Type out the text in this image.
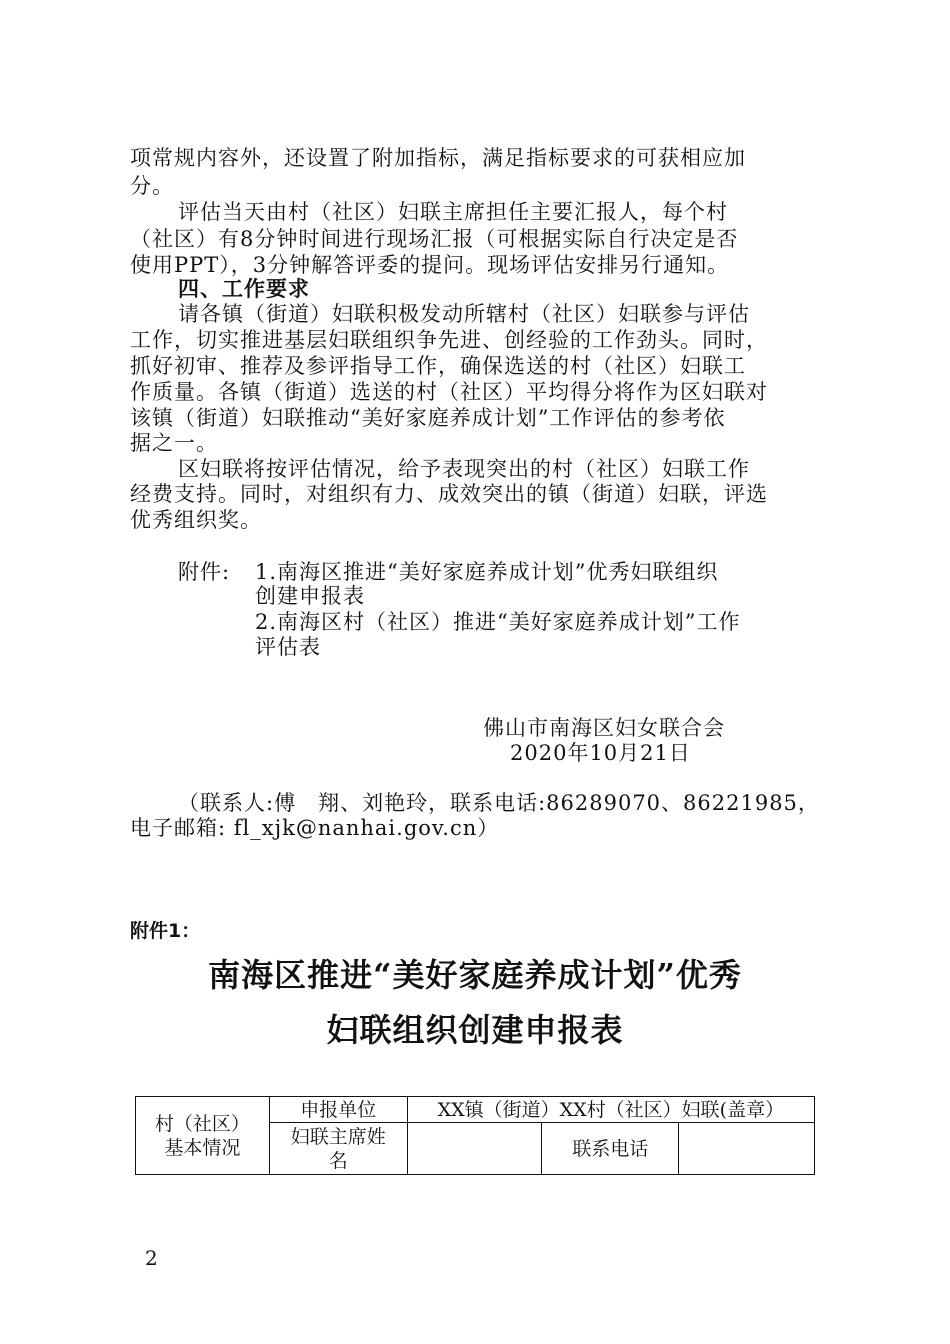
项常规内容外，还设置了附加指标，满足指标要求的可获相应加
分。
评估当天由村（社区）妇联主席担任主要汇报人，每个村
（社区）有8分钟时间进行现场汇报（可根据实际自行决定是否
使用PPT），3分钟解答评委的提问。现场评估安排另行通知。
四、工作要求
请各镇（街道）妇联积极发动所辖村（社区）妇联参与评估
工作，切实推进基层妇联组织争先进、创经验的工作劲头。同时，
抓好初审、推荐及参评指导工作，确保选送的村（社区）妇联工
作质量。各镇（街道）选送的村（社区）平均得分将作为区妇联对
该镇（街道）妇联推动“美好家庭养成计划”工作评估的参考依
据之一。
区妇联将按评估情况，给予表现突出的村（社区）妇联工作
经费支持。同时，对组织有力、成效突出的镇（街道）妇联，评选
优秀组织奖。
附件: 1.南海区推进“美好家庭养成计划”优秀妇联组织
创建申报表
2.南海区村（社区）推进“美好家庭养成计划”工作
评估表
佛山市南海区妇女联合会
2020年10月21日
（联系人:傅　翔、刘艳玲，联系电话:86289070、86221985，
电子邮箱: fl_xjk@nanhai.gov.cn）
附件1：
南海区推进“美好家庭养成计划”优秀
妇联组织创建申报表
村（社区）基本情况	申报单位	XX镇（街道）XX村（社区）妇联(盖章）		
	妇联主席姓名		联系电话	
2
